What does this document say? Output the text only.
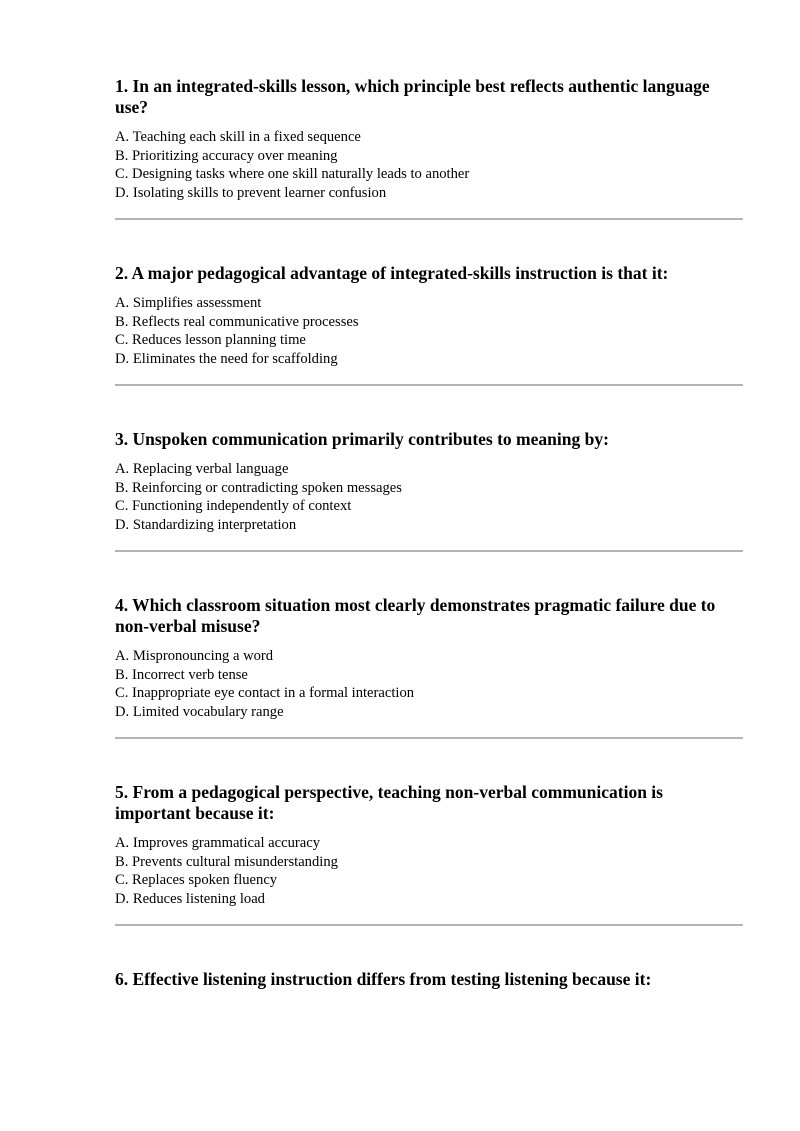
1. In an integrated-skills lesson, which principle best reflects authentic language use?
A. Teaching each skill in a fixed sequence
B. Prioritizing accuracy over meaning
C. Designing tasks where one skill naturally leads to another
D. Isolating skills to prevent learner confusion
2. A major pedagogical advantage of integrated-skills instruction is that it:
A. Simplifies assessment
B. Reflects real communicative processes
C. Reduces lesson planning time
D. Eliminates the need for scaffolding
3. Unspoken communication primarily contributes to meaning by:
A. Replacing verbal language
B. Reinforcing or contradicting spoken messages
C. Functioning independently of context
D. Standardizing interpretation
4. Which classroom situation most clearly demonstrates pragmatic failure due to non-verbal misuse?
A. Mispronouncing a word
B. Incorrect verb tense
C. Inappropriate eye contact in a formal interaction
D. Limited vocabulary range
5. From a pedagogical perspective, teaching non-verbal communication is important because it:
A. Improves grammatical accuracy
B. Prevents cultural misunderstanding
C. Replaces spoken fluency
D. Reduces listening load
6. Effective listening instruction differs from testing listening because it:
